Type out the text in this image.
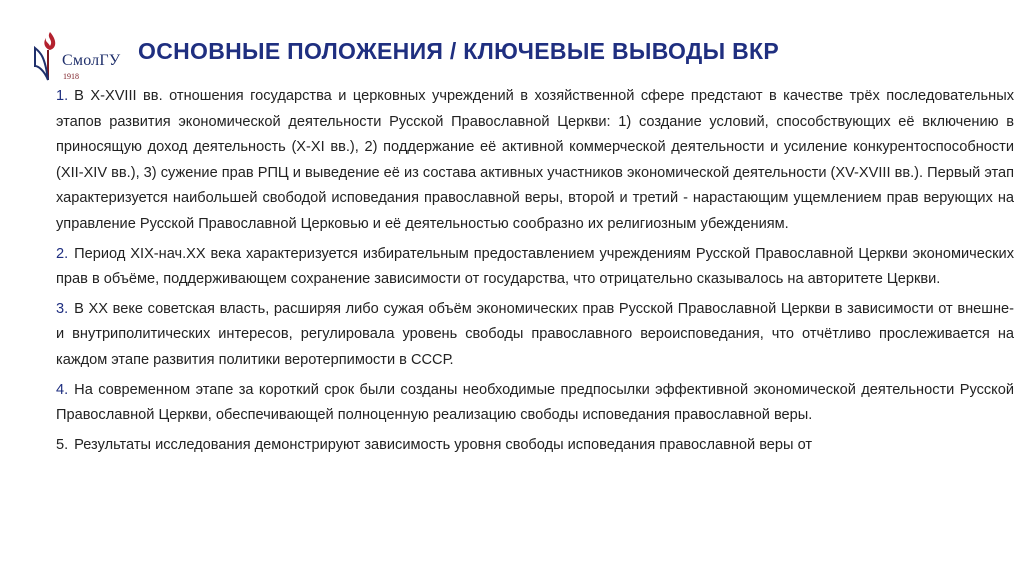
СмолГУ
1918
ОСНОВНЫЕ ПОЛОЖЕНИЯ / КЛЮЧЕВЫЕ ВЫВОДЫ ВКР

1. В X-XVIII вв. отношения государства и церковных учреждений в хозяйственной сфере предстают в качестве трёх последовательных этапов развития экономической деятельности Русской Православной Церкви: 1) создание условий, способствующих её включению в приносящую доход деятельность (X-XI вв.), 2) поддержание её активной коммерческой деятельности и усиление конкурентоспособности (XII-XIV вв.), 3) сужение прав РПЦ и выведение её из состава активных участников экономической деятельности (XV-XVIII вв.). Первый этап характеризуется наибольшей свободой исповедания православной веры, второй и третий - нарастающим ущемлением прав верующих на управление Русской Православной Церковью и её деятельностью сообразно их религиозным убеждениям.

2. Период XIX-нач.XX века характеризуется избирательным предоставлением учреждениям Русской Православной Церкви экономических прав в объёме, поддерживающем сохранение зависимости от государства, что отрицательно сказывалось на авторитете Церкви.

3. В XX веке советская власть, расширяя либо сужая объём экономических прав Русской Православной Церкви в зависимости от внешне- и внутриполитических интересов, регулировала уровень свободы православного вероисповедания, что отчётливо прослеживается на каждом этапе развития политики веротерпимости в СССР.

4. На современном этапе за короткий срок были созданы необходимые предпосылки эффективной экономической деятельности Русской Православной Церкви, обеспечивающей полноценную реализацию свободы исповедания православной веры.

5. Результаты исследования демонстрируют зависимость уровня свободы исповедания православной веры от
